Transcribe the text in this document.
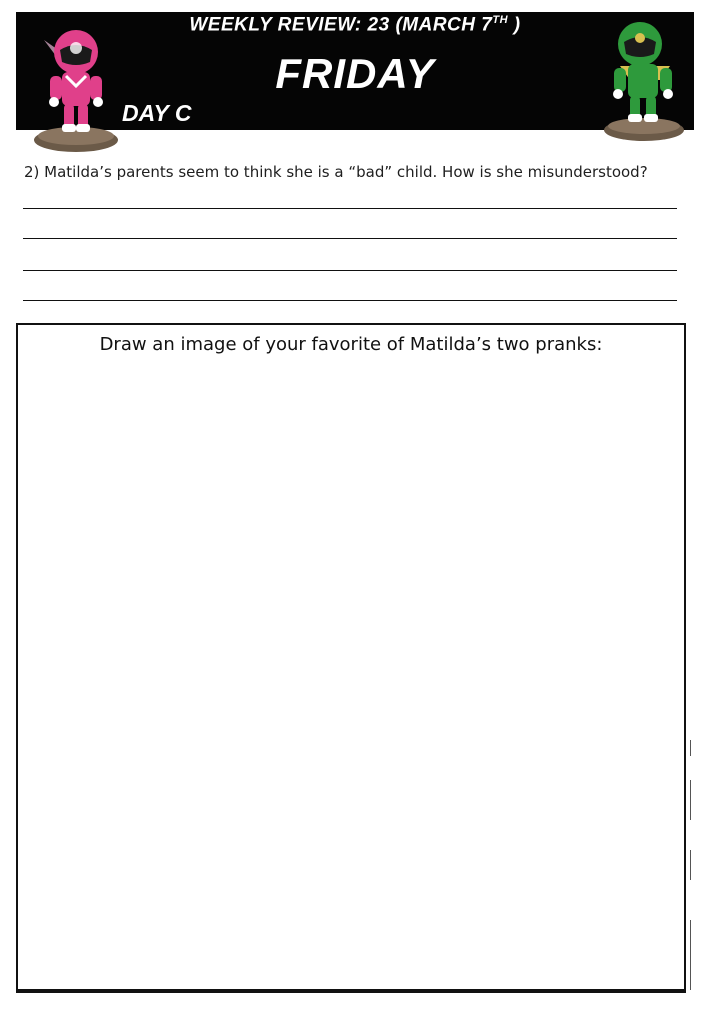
WEEKLY REVIEW: 23 (MARCH 7TH )
FRIDAY
DAY C
2) Matilda’s parents seem to think she is a “bad” child. How is she misunderstood?
Draw an image of your favorite of Matilda’s two pranks:
